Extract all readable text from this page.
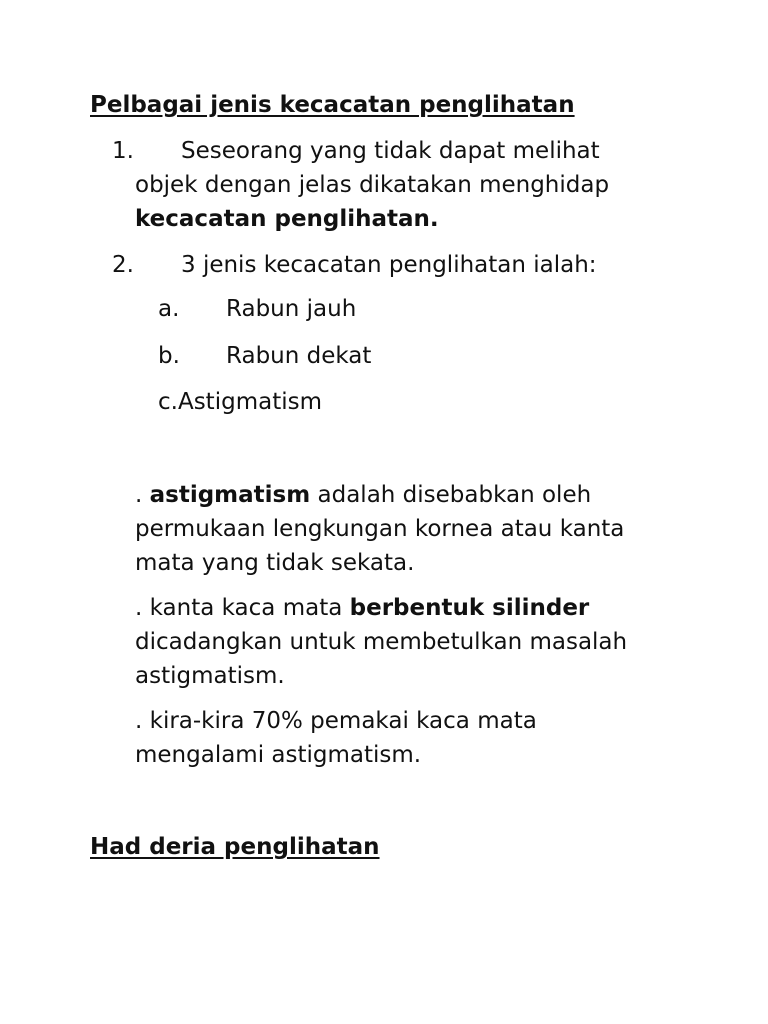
Pelbagai jenis kecacatan penglihatan
1.	Seseorang yang tidak dapat melihat
objek dengan jelas dikatakan menghidap
kecacatan penglihatan.
2.	3 jenis kecacatan penglihatan ialah:
a. Rabun jauh
b. Rabun dekat
c.Astigmatism
. astigmatism adalah disebabkan oleh
permukaan lengkungan kornea atau kanta
mata yang tidak sekata.
. kanta kaca mata berbentuk silinder
dicadangkan untuk membetulkan masalah
astigmatism.
. kira-kira 70% pemakai kaca mata
mengalami astigmatism.
Had deria penglihatan
